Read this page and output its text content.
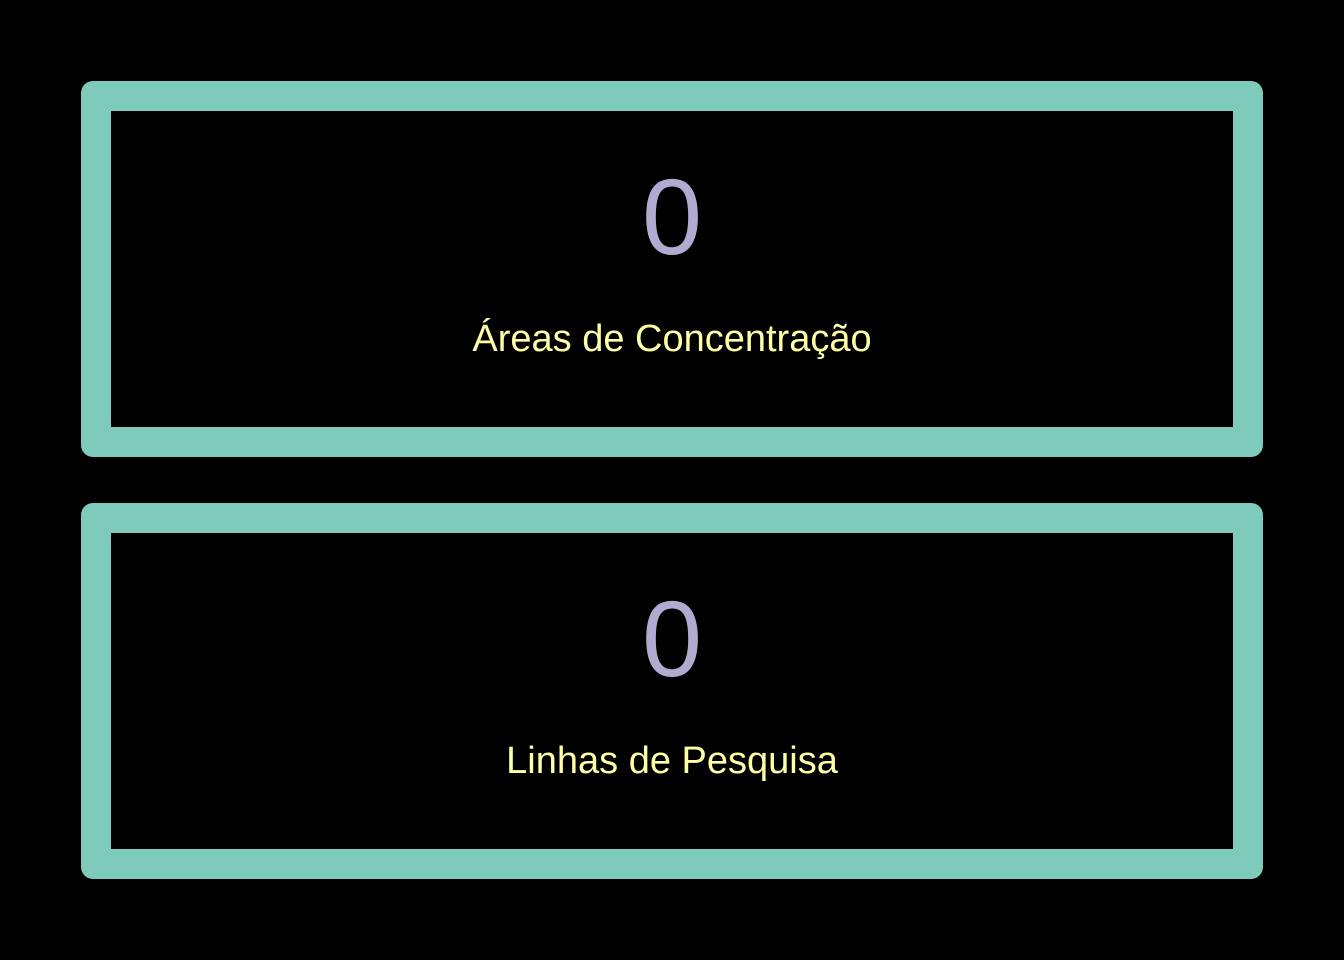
0
Áreas de Concentração
0
Linhas de Pesquisa
